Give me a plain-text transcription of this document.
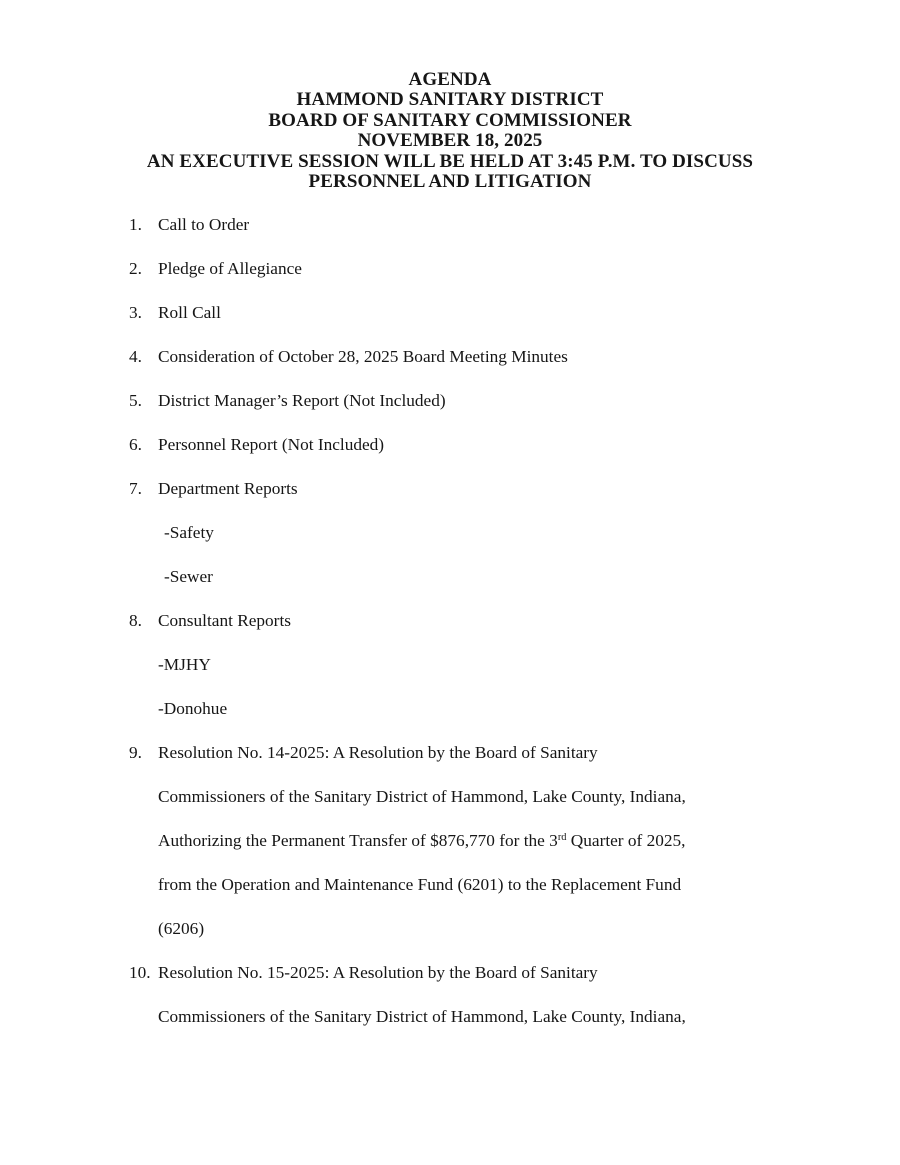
AGENDA
HAMMOND SANITARY DISTRICT
BOARD OF SANITARY COMMISSIONER
NOVEMBER 18, 2025
AN EXECUTIVE SESSION WILL BE HELD AT 3:45 P.M. TO DISCUSS
PERSONNEL AND LITIGATION
1. Call to Order
2. Pledge of Allegiance
3. Roll Call
4. Consideration of October 28, 2025 Board Meeting Minutes
5. District Manager’s Report (Not Included)
6. Personnel Report (Not Included)
7. Department Reports
-Safety
-Sewer
8. Consultant Reports
-MJHY
-Donohue
9. Resolution No. 14-2025: A Resolution by the Board of Sanitary
Commissioners of the Sanitary District of Hammond, Lake County, Indiana,
Authorizing the Permanent Transfer of $876,770 for the 3rd Quarter of 2025,
from the Operation and Maintenance Fund (6201) to the Replacement Fund
(6206)
10. Resolution No. 15-2025: A Resolution by the Board of Sanitary
Commissioners of the Sanitary District of Hammond, Lake County, Indiana,
